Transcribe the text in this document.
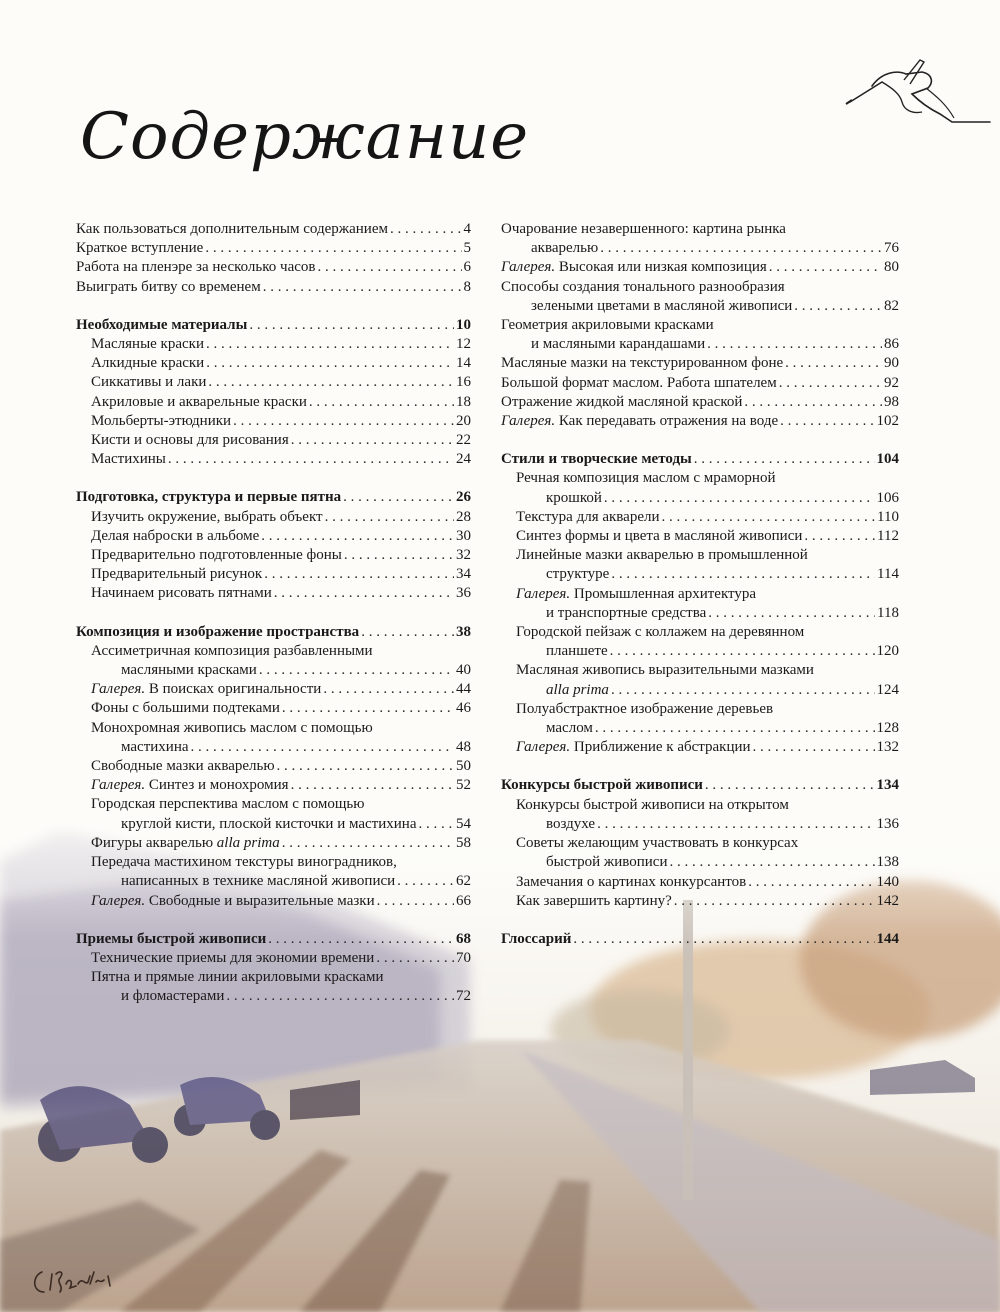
Содержание
Как пользоваться дополнительным содержанием . . .	4
Краткое вступление . . .	5
Работа на пленэре за несколько часов . . .	6
Выиграть битву со временем . . .	8
Необходимые материалы . . .	10
Масляные краски . . .	12
Алкидные краски . . .	14
Сиккативы и лаки . . .	16
Акриловые и акварельные краски . . .	18
Мольберты-этюдники . . .	20
Кисти и основы для рисования . . .	22
Мастихины . . .	24
Подготовка, структура и первые пятна . . .	26
Изучить окружение, выбрать объект . . .	28
Делая наброски в альбоме . . .	30
Предварительно подготовленные фоны . . .	32
Предварительный рисунок . . .	34
Начинаем рисовать пятнами . . .	36
Композиция и изображение пространства . . .	38
Ассиметричная композиция разбавленными
масляными красками . . .	40
Галерея. В поисках оригинальности . . .	44
Фоны с большими подтеками . . .	46
Монохромная живопись маслом с помощью
мастихина . . .	48
Свободные мазки акварелью . . .	50
Галерея. Синтез и монохромия . . .	52
Городская перспектива маслом с помощью
круглой кисти, плоской кисточки и мастихина . . .	54
Фигуры акварелью alla prima . . .	58
Передача мастихином текстуры виноградников,
написанных в технике масляной живописи . . .	62
Галерея. Свободные и выразительные мазки . . .	66
Приемы быстрой живописи . . .	68
Технические приемы для экономии времени . . .	70
Пятна и прямые линии акриловыми красками
и фломастерами . . .	72
Очарование незавершенного: картина рынка
акварелью . . .	76
Галерея. Высокая или низкая композиция . . .	80
Способы создания тонального разнообразия
зелеными цветами в масляной живописи . . .	82
Геометрия акриловыми красками
и масляными карандашами . . .	86
Масляные мазки на текстурированном фоне . . .	90
Большой формат маслом. Работа шпателем . . .	92
Отражение жидкой масляной краской . . .	98
Галерея. Как передавать отражения на воде . . .	102
Стили и творческие методы . . .	104
Речная композиция маслом с мраморной
крошкой . . .	106
Текстура для акварели . . .	110
Синтез формы и цвета в масляной живописи . . .	112
Линейные мазки акварелью в промышленной
структуре . . .	114
Галерея. Промышленная архитектура
и транспортные средства . . .	118
Городской пейзаж с коллажем на деревянном
планшете . . .	120
Масляная живопись выразительными мазками
alla prima . . .	124
Полуабстрактное изображение деревьев
маслом . . .	128
Галерея. Приближение к абстракции . . .	132
Конкурсы быстрой живописи . . .	134
Конкурсы быстрой живописи на открытом
воздухе . . .	136
Советы желающим участвовать в конкурсах
быстрой живописи . . .	138
Замечания о картинах конкурсантов . . .	140
Как завершить картину? . . .	142
Глоссарий . . .	144
